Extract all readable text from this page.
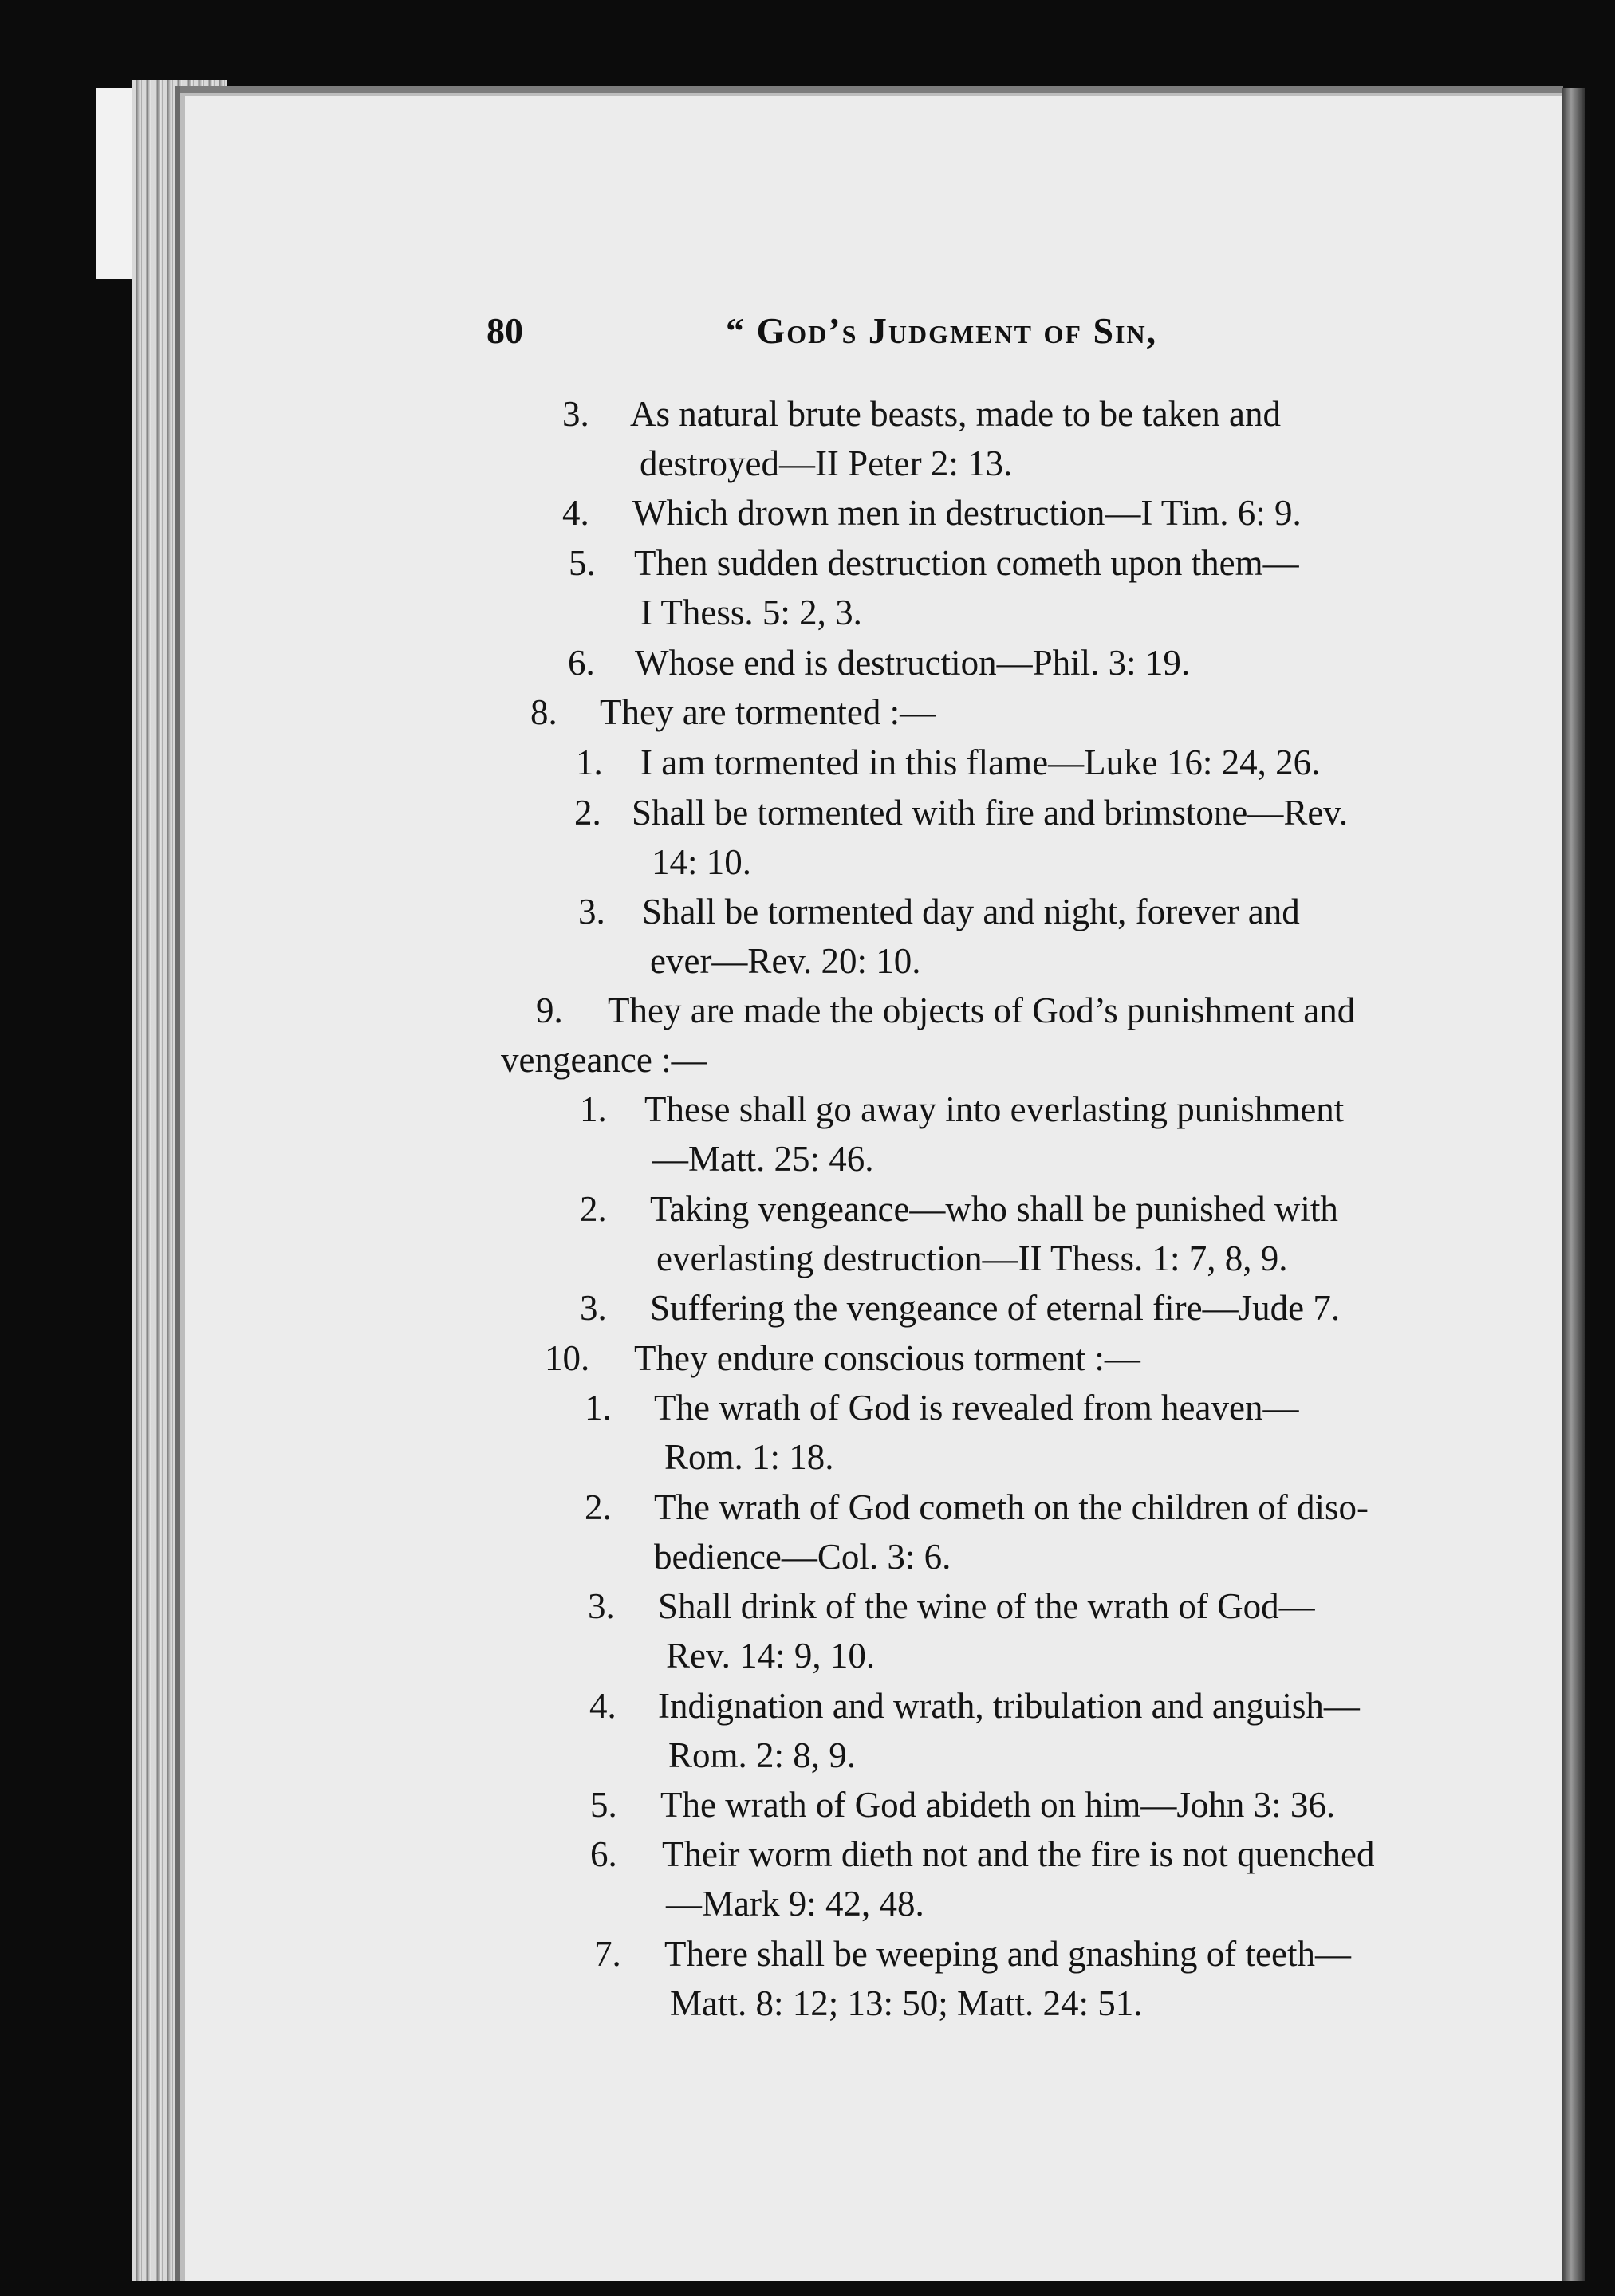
80	“ God’s Judgment of Sin,
3. As natural brute beasts, made to be taken and
destroyed—II Peter 2: 13.
4. Which drown men in destruction—I Tim. 6: 9.
5. Then sudden destruction cometh upon them—
I Thess. 5: 2, 3.
6. Whose end is destruction—Phil. 3: 19.
8. They are tormented :—
1. I am tormented in this flame—Luke 16: 24, 26.
2. Shall be tormented with fire and brimstone—Rev.
14: 10.
3. Shall be tormented day and night, forever and
ever—Rev. 20: 10.
9. They are made the objects of God’s punishment and
vengeance :—
1. These shall go away into everlasting punishment
—Matt. 25: 46.
2. Taking vengeance—who shall be punished with
everlasting destruction—II Thess. 1: 7, 8, 9.
3. Suffering the vengeance of eternal fire—Jude 7.
10. They endure conscious torment :—
1. The wrath of God is revealed from heaven—
Rom. 1: 18.
2. The wrath of God cometh on the children of diso-
bedience—Col. 3: 6.
3. Shall drink of the wine of the wrath of God—
Rev. 14: 9, 10.
4. Indignation and wrath, tribulation and anguish—
Rom. 2: 8, 9.
5. The wrath of God abideth on him—John 3: 36.
6. Their worm dieth not and the fire is not quenched
—Mark 9: 42, 48.
7. There shall be weeping and gnashing of teeth—
Matt. 8: 12; 13: 50; Matt. 24: 51.
